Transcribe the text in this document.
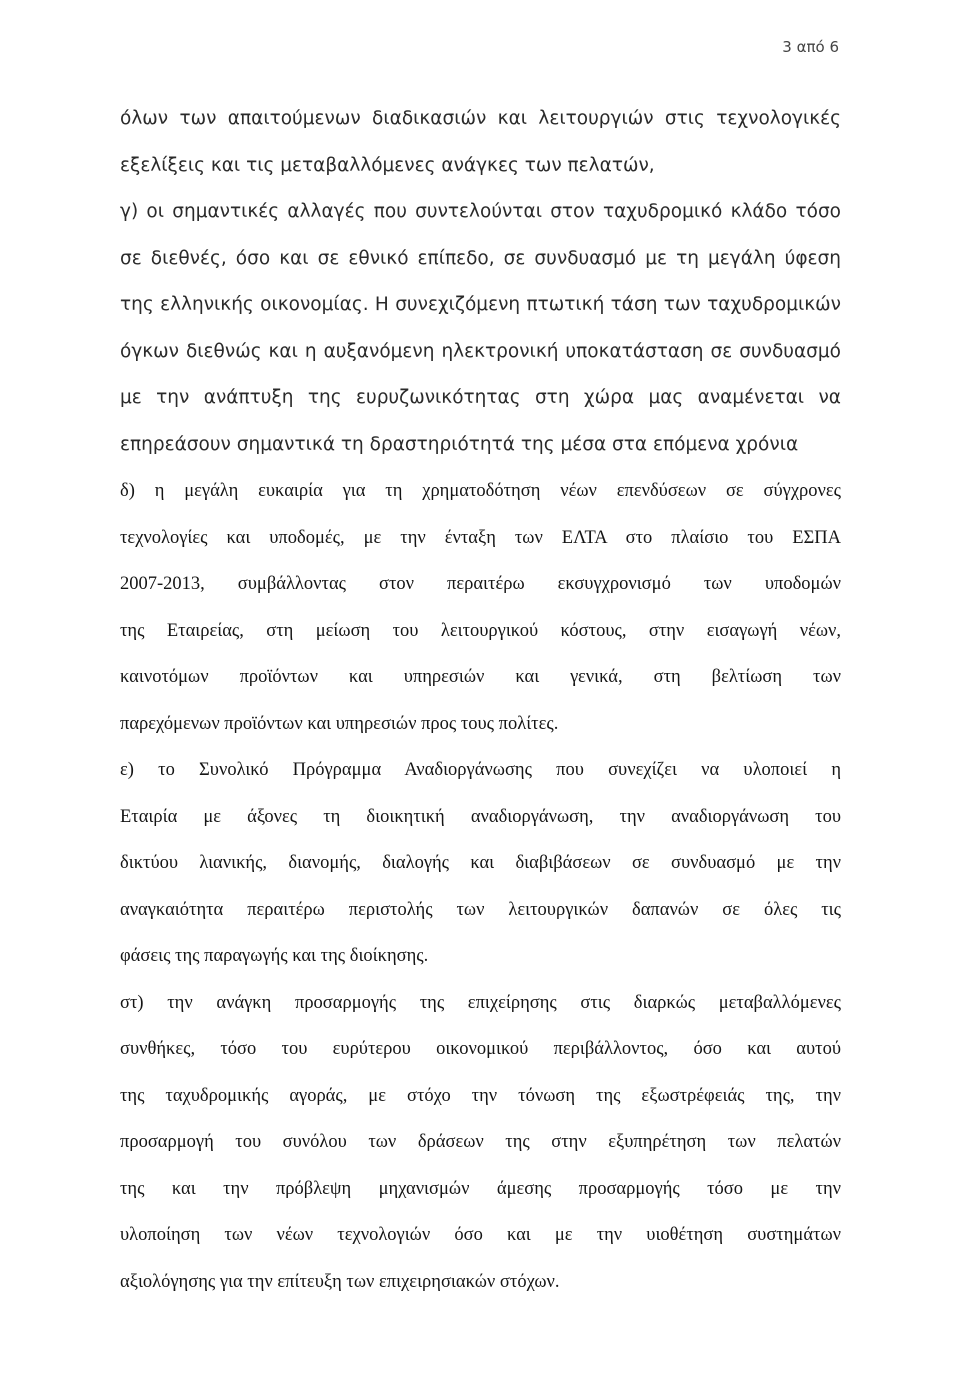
3 από 6
όλων των απαιτούμενων διαδικασιών και λειτουργιών στις τεχνολογικές
εξελίξεις και τις μεταβαλλόμενες ανάγκες των πελατών,
γ) οι σημαντικές αλλαγές που συντελούνται στον ταχυδρομικό κλάδο τόσο
σε διεθνές, όσο και σε εθνικό επίπεδο, σε συνδυασμό με τη μεγάλη ύφεση
της ελληνικής οικονομίας. Η συνεχιζόμενη πτωτική τάση των ταχυδρομικών
όγκων διεθνώς και η αυξανόμενη ηλεκτρονική υποκατάσταση σε συνδυασμό
με την ανάπτυξη της ευρυζωνικότητας στη χώρα μας αναμένεται να
επηρεάσουν σημαντικά τη δραστηριότητά της μέσα στα επόμενα χρόνια
δ) η μεγάλη ευκαιρία για τη χρηματοδότηση νέων επενδύσεων σε σύγχρονες
τεχνολογίες και υποδομές, με την ένταξη των ΕΛΤΑ στο πλαίσιο του ΕΣΠΑ
2007-2013, συμβάλλοντας στον περαιτέρω εκσυγχρονισμό των υποδομών
της Εταιρείας, στη μείωση του λειτουργικού κόστους, στην εισαγωγή νέων,
καινοτόμων προϊόντων και υπηρεσιών και γενικά, στη βελτίωση των
παρεχόμενων προϊόντων και υπηρεσιών προς τους πολίτες.
ε) το Συνολικό Πρόγραμμα Αναδιοργάνωσης που συνεχίζει να υλοποιεί η
Εταιρία με άξονες τη διοικητική αναδιοργάνωση, την αναδιοργάνωση του
δικτύου λιανικής, διανομής, διαλογής και διαβιβάσεων σε συνδυασμό με την
αναγκαιότητα περαιτέρω περιστολής των λειτουργικών δαπανών σε όλες τις
φάσεις της παραγωγής και της διοίκησης.
στ) την ανάγκη προσαρμογής της επιχείρησης στις διαρκώς μεταβαλλόμενες
συνθήκες, τόσο του ευρύτερου οικονομικού περιβάλλοντος, όσο και αυτού
της ταχυδρομικής αγοράς, με στόχο την τόνωση της εξωστρέφειάς της, την
προσαρμογή του συνόλου των δράσεων της στην εξυπηρέτηση των πελατών
της και την πρόβλεψη μηχανισμών άμεσης προσαρμογής τόσο με την
υλοποίηση των νέων τεχνολογιών όσο και με την υιοθέτηση συστημάτων
αξιολόγησης για την επίτευξη των επιχειρησιακών στόχων.
